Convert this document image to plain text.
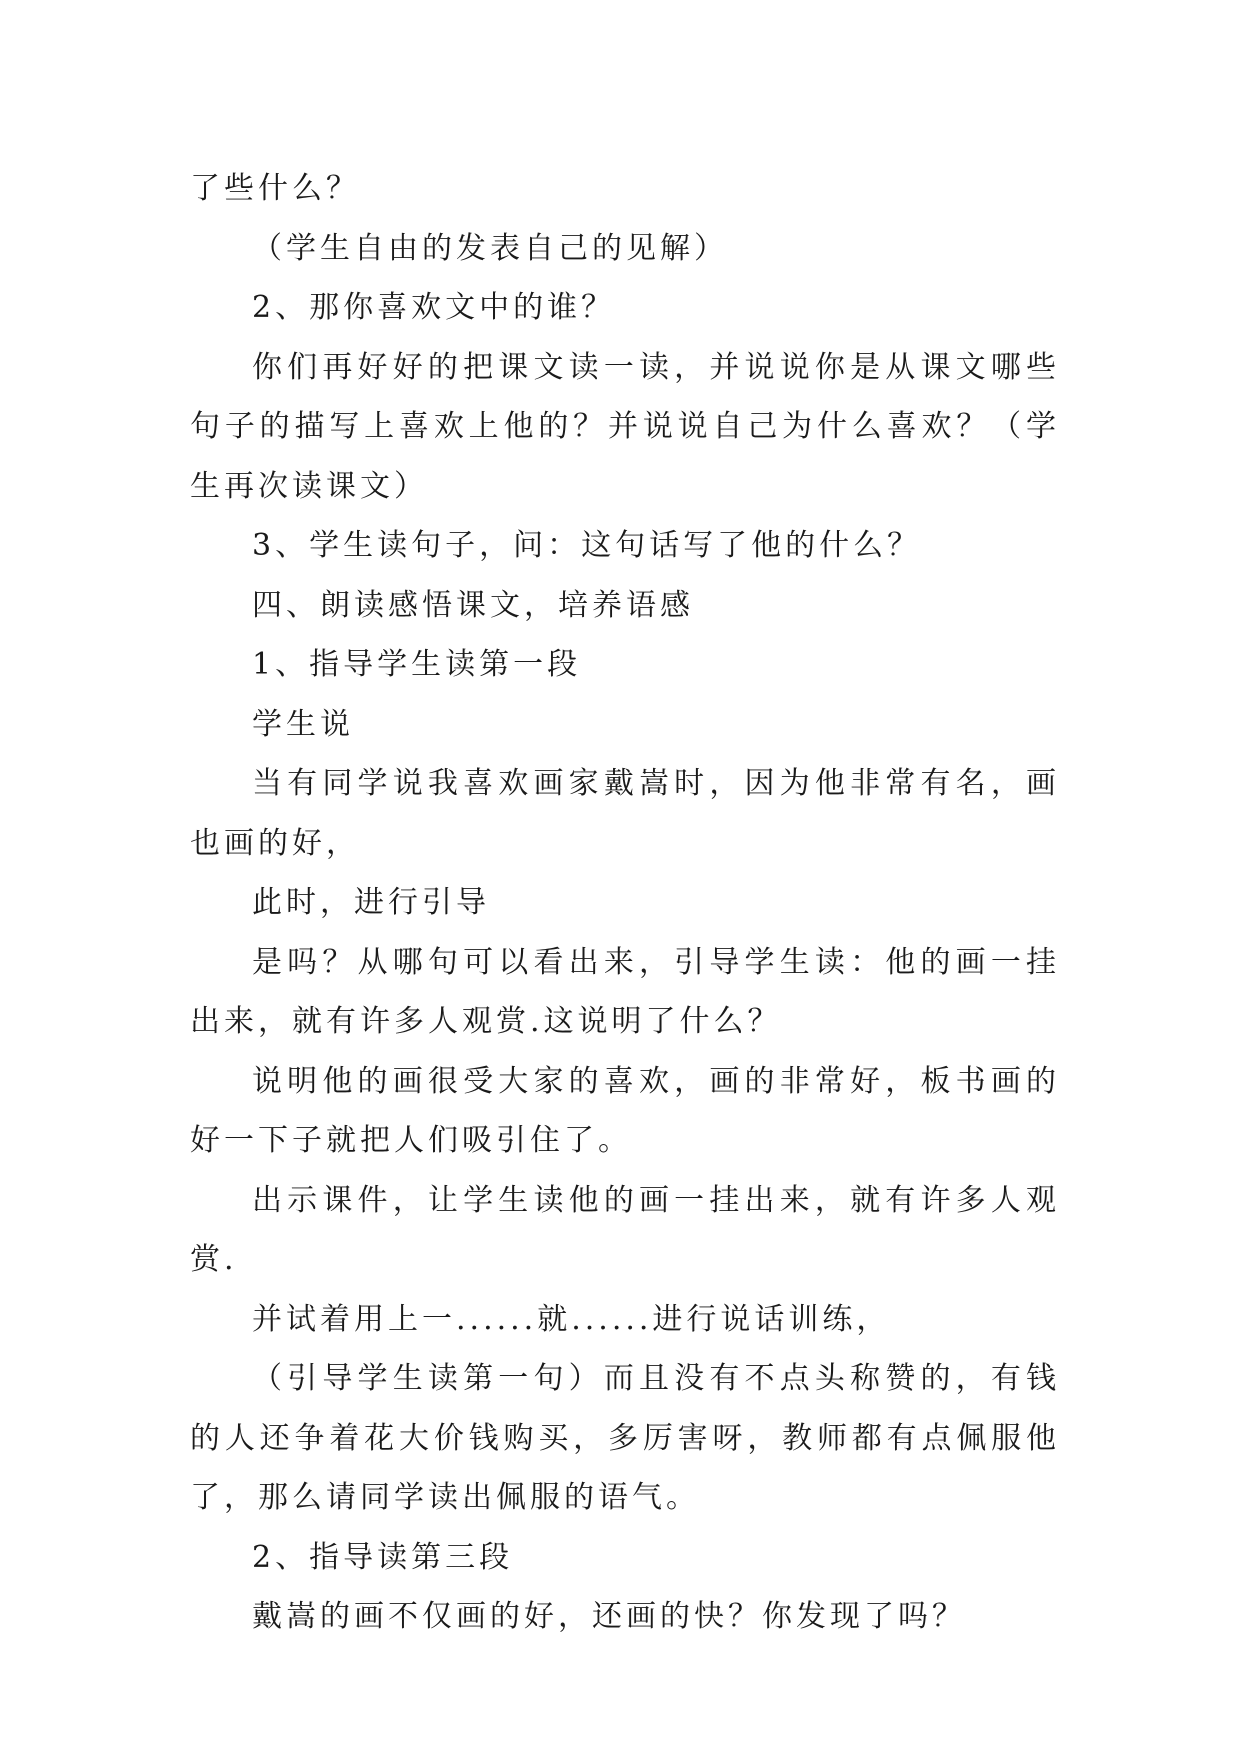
了些什么？

（学生自由的发表自己的见解）

2、那你喜欢文中的谁？

你们再好好的把课文读一读，并说说你是从课文哪些句子的描写上喜欢上他的？并说说自己为什么喜欢？（学生再次读课文）

3、学生读句子，问：这句话写了他的什么？

四、朗读感悟课文，培养语感

1、指导学生读第一段

学生说

当有同学说我喜欢画家戴嵩时，因为他非常有名，画也画的好，

此时，进行引导

是吗？从哪句可以看出来，引导学生读：他的画一挂出来，就有许多人观赏.这说明了什么？

说明他的画很受大家的喜欢，画的非常好，板书画的好一下子就把人们吸引住了。

出示课件，让学生读他的画一挂出来，就有许多人观赏.

并试着用上一......就......进行说话训练，

（引导学生读第一句）而且没有不点头称赞的，有钱的人还争着花大价钱购买，多厉害呀，教师都有点佩服他了，那么请同学读出佩服的语气。

2、指导读第三段

戴嵩的画不仅画的好，还画的快？你发现了吗？
